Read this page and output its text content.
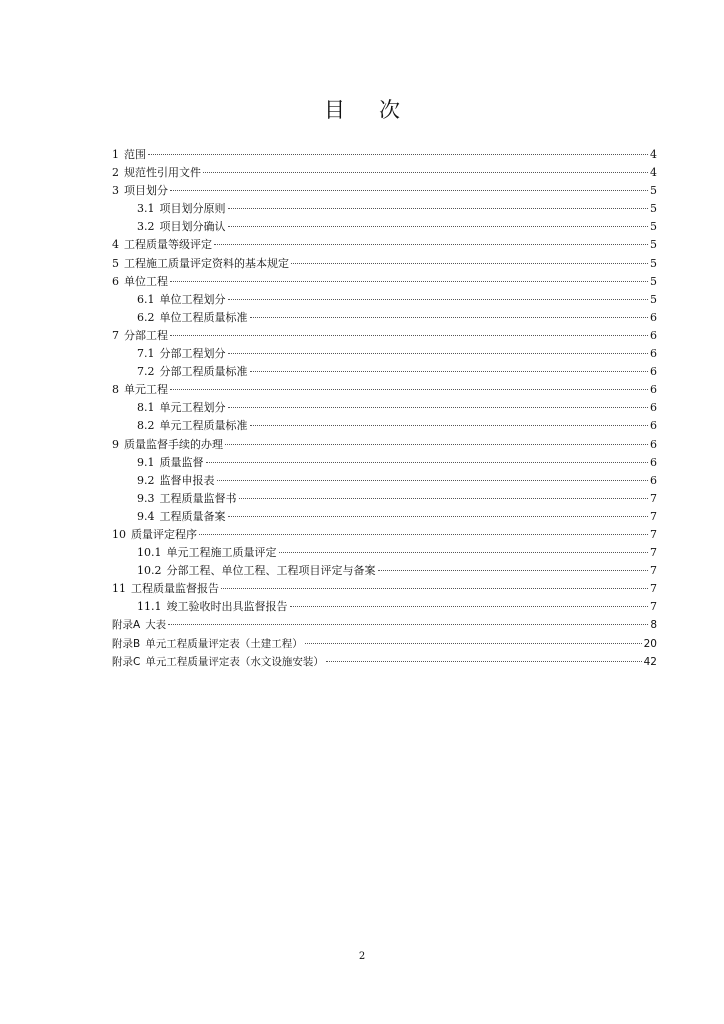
目 次
1 范围	4
2 规范性引用文件	4
3 项目划分	5
3.1 项目划分原则	5
3.2 项目划分确认	5
4 工程质量等级评定	5
5 工程施工质量评定资料的基本规定	5
6 单位工程	5
6.1 单位工程划分	5
6.2 单位工程质量标准	6
7 分部工程	6
7.1 分部工程划分	6
7.2 分部工程质量标准	6
8 单元工程	6
8.1 单元工程划分	6
8.2 单元工程质量标准	6
9 质量监督手续的办理	6
9.1 质量监督	6
9.2 监督申报表	6
9.3 工程质量监督书	7
9.4 工程质量备案	7
10 质量评定程序	7
10.1 单元工程施工质量评定	7
10.2 分部工程、单位工程、工程项目评定与备案	7
11 工程质量监督报告	7
11.1 竣工验收时出具监督报告	7
附录A 大表	8
附录B 单元工程质量评定表（土建工程）	20
附录C 单元工程质量评定表（水文设施安装）	42
2
